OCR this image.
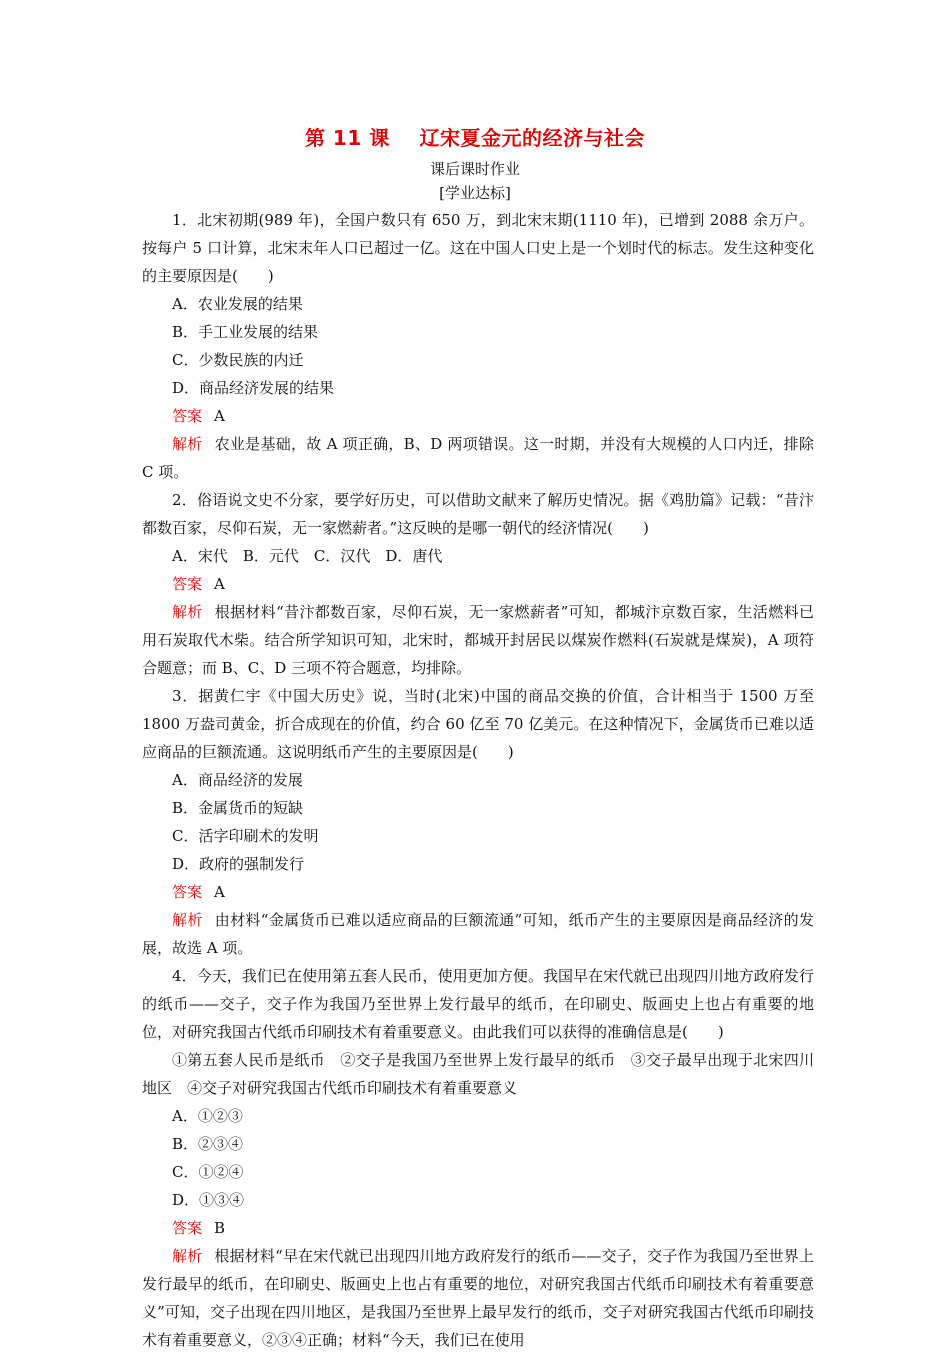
第 11 课    辽宋夏金元的经济与社会
课后课时作业
[学业达标]

1．北宋初期(989 年)，全国户数只有 650 万，到北宋末期(1110 年)，已增到 2088 余万户。按每户 5 口计算，北宋末年人口已超过一亿。这在中国人口史上是一个划时代的标志。发生这种变化的主要原因是(　　)

A．农业发展的结果

B．手工业发展的结果

C．少数民族的内迁

D．商品经济发展的结果

答案 A

解析 农业是基础，故 A 项正确，B、D 两项错误。这一时期，并没有大规模的人口内迁，排除 C 项。

2．俗语说文史不分家，要学好历史，可以借助文献来了解历史情况。据《鸡肋篇》记载：“昔汴都数百家，尽仰石炭，无一家燃薪者。”这反映的是哪一朝代的经济情况(　　)

A．宋代　B．元代　C．汉代　D．唐代

答案 A

解析 根据材料“昔汴都数百家，尽仰石炭，无一家燃薪者”可知，都城汴京数百家，生活燃料已用石炭取代木柴。结合所学知识可知，北宋时，都城开封居民以煤炭作燃料(石炭就是煤炭)，A 项符合题意；而 B、C、D 三项不符合题意，均排除。

3．据黄仁宇《中国大历史》说，当时(北宋)中国的商品交换的价值，合计相当于 1500 万至 1800 万盎司黄金，折合成现在的价值，约合 60 亿至 70 亿美元。在这种情况下，金属货币已难以适应商品的巨额流通。这说明纸币产生的主要原因是(　　)

A．商品经济的发展

B．金属货币的短缺

C．活字印刷术的发明

D．政府的强制发行

答案 A

解析 由材料“金属货币已难以适应商品的巨额流通”可知，纸币产生的主要原因是商品经济的发展，故选 A 项。

4．今天，我们已在使用第五套人民币，使用更加方便。我国早在宋代就已出现四川地方政府发行的纸币——交子，交子作为我国乃至世界上发行最早的纸币，在印刷史、版画史上也占有重要的地位，对研究我国古代纸币印刷技术有着重要意义。由此我们可以获得的准确信息是(　　)

①第五套人民币是纸币　②交子是我国乃至世界上发行最早的纸币　③交子最早出现于北宋四川地区　④交子对研究我国古代纸币印刷技术有着重要意义

A．①②③

B．②③④

C．①②④

D．①③④

答案 B

解析 根据材料“早在宋代就已出现四川地方政府发行的纸币——交子，交子作为我国乃至世界上发行最早的纸币，在印刷史、版画史上也占有重要的地位，对研究我国古代纸币印刷技术有着重要意义”可知，交子出现在四川地区，是我国乃至世界上最早发行的纸币，交子对研究我国古代纸币印刷技术有着重要意义，②③④正确；材料“今天，我们已在使用
